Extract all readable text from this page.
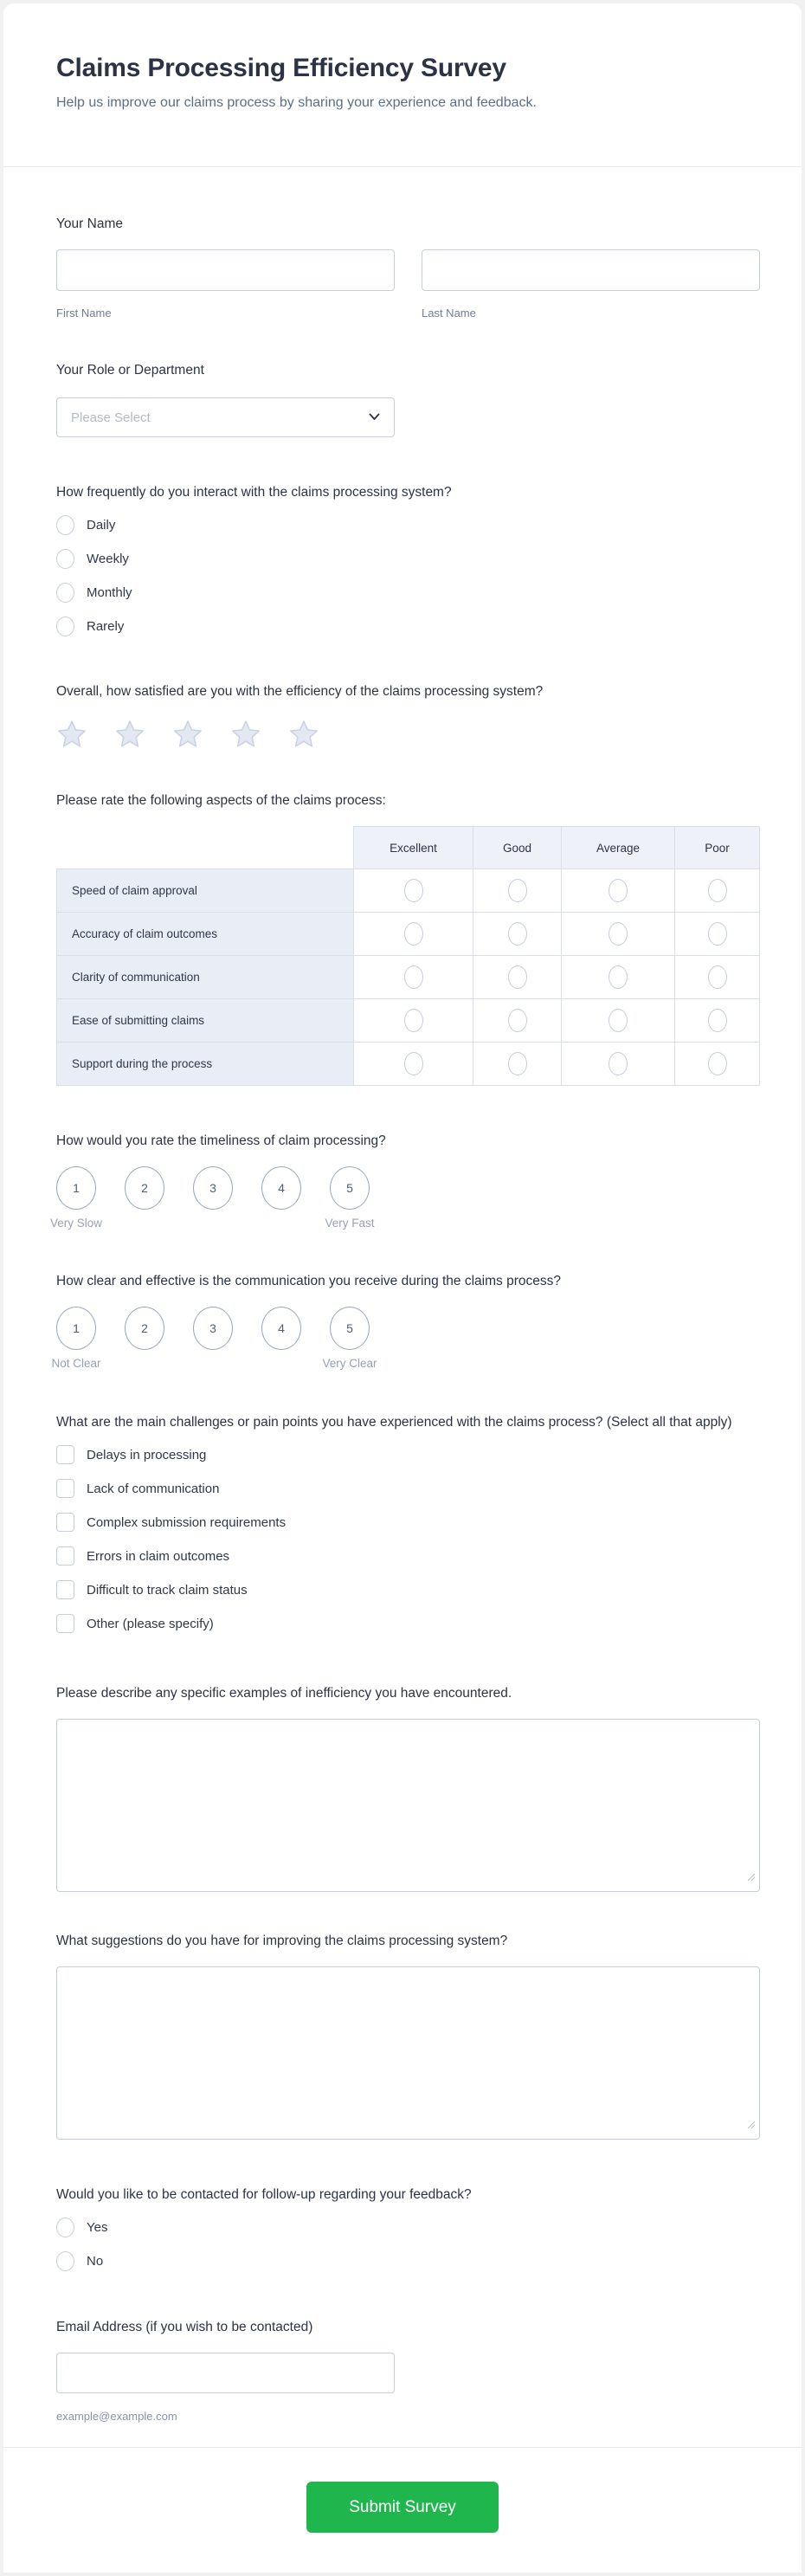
Claims Processing Efficiency Survey

Help us improve our claims process by sharing your experience and feedback.

Your Name
First Name	Last Name
Your Role or Department
Please Select
How frequently do you interact with the claims processing system?
Daily
Weekly
Monthly
Rarely
Overall, how satisfied are you with the efficiency of the claims processing system?
Please rate the following aspects of the claims process:
	Excellent	Good	Average	Poor
Speed of claim approval				
Accuracy of claim outcomes				
Clarity of communication				
Ease of submitting claims				
Support during the process				
How would you rate the timeliness of claim processing?
1	2	3	4	5
Very Slow	Very Fast
How clear and effective is the communication you receive during the claims process?
1	2	3	4	5
Not Clear	Very Clear
What are the main challenges or pain points you have experienced with the claims process? (Select all that apply)
Delays in processing
Lack of communication
Complex submission requirements
Errors in claim outcomes
Difficult to track claim status
Other (please specify)
Please describe any specific examples of inefficiency you have encountered.
What suggestions do you have for improving the claims processing system?
Would you like to be contacted for follow-up regarding your feedback?
Yes
No
Email Address (if you wish to be contacted)
example@example.com
Submit Survey
